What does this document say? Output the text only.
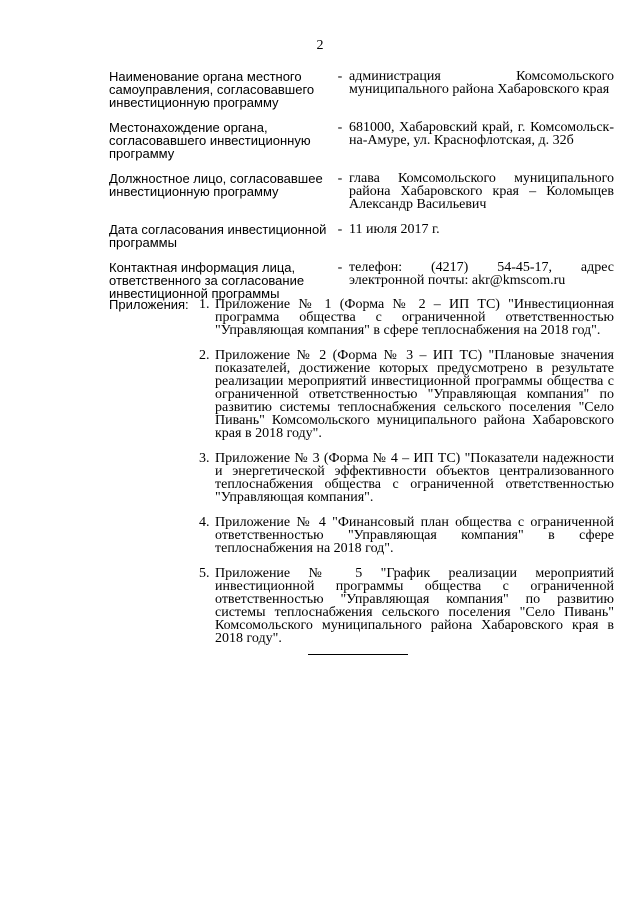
2
Наименование органа местного самоуправления, согласовавшего инвестиционную программу
- администрация Комсомольского муниципального района Хабаровского края
Местонахождение органа, согласовавшего инвестиционную программу
- 681000, Хабаровский край, г. Комсомольск-на-Амуре, ул. Краснофлотская, д. 32б
Должностное лицо, согласовавшее инвестиционную программу
- глава Комсомольского муниципального района Хабаровского края – Коломыцев Александр Васильевич
Дата согласования инвестиционной программы
- 11 июля 2017 г.
Контактная информация лица, ответственного за согласование инвестиционной программы
- телефон: (4217) 54-45-17, адрес электронной почты: akr@kmscom.ru
Приложения: 1. Приложение № 1 (Форма № 2 – ИП ТС) "Инвестиционная программа общества с ограниченной ответственностью "Управляющая компания" в сфере теплоснабжения на 2018 год".
2. Приложение № 2 (Форма № 3 – ИП ТС) "Плановые значения показателей, достижение которых предусмотрено в результате реализации мероприятий инвестиционной программы общества с ограниченной ответственностью "Управляющая компания" по развитию системы теплоснабжения сельского поселения "Село Пивань" Комсомольского муниципального района Хабаровского края в 2018 году".
3. Приложение № 3 (Форма № 4 – ИП ТС) "Показатели надежности и энергетической эффективности объектов централизованного теплоснабжения общества с ограниченной ответственностью "Управляющая компания".
4. Приложение № 4 "Финансовый план общества с ограниченной ответственностью "Управляющая компания" в сфере теплоснабжения на 2018 год".
5. Приложение № 5 "График реализации мероприятий инвестиционной программы общества с ограниченной ответственностью "Управляющая компания" по развитию системы теплоснабжения сельского поселения "Село Пивань" Комсомольского муниципального района Хабаровского края в 2018 году".
